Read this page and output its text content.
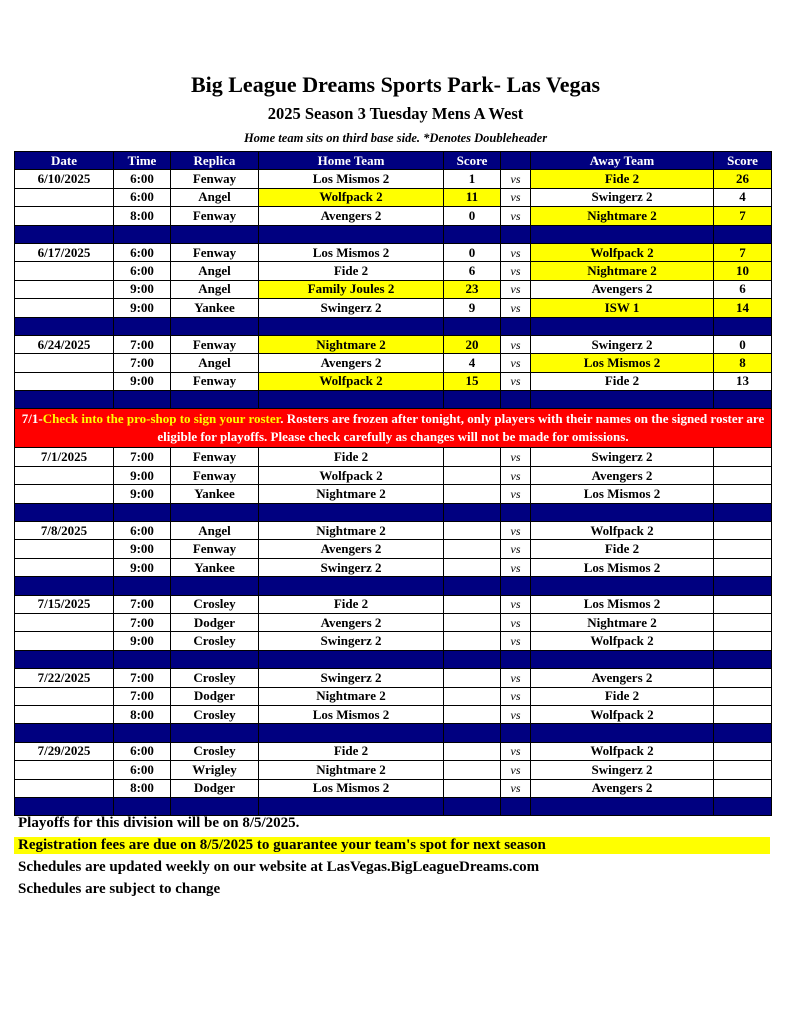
Big League Dreams Sports Park- Las Vegas
2025 Season 3 Tuesday Mens A West
Home team sits on third base side. *Denotes Doubleheader
Date	Time	Replica	Home Team	Score		Away Team	Score
6/10/2025	6:00	Fenway	Los Mismos 2	1	vs	Fide 2	26
	6:00	Angel	Wolfpack 2	11	vs	Swingerz 2	4
	8:00	Fenway	Avengers 2	0	vs	Nightmare 2	7

6/17/2025	6:00	Fenway	Los Mismos 2	0	vs	Wolfpack 2	7
	6:00	Angel	Fide 2	6	vs	Nightmare 2	10
	9:00	Angel	Family Joules 2	23	vs	Avengers 2	6
	9:00	Yankee	Swingerz 2	9	vs	ISW 1	14

6/24/2025	7:00	Fenway	Nightmare 2	20	vs	Swingerz 2	0
	7:00	Angel	Avengers 2	4	vs	Los Mismos 2	8
	9:00	Fenway	Wolfpack 2	15	vs	Fide 2	13

7/1-Check into the pro-shop to sign your roster. Rosters are frozen after tonight, only players with their names on the signed roster are eligible for playoffs. Please check carefully as changes will not be made for omissions.							
7/1/2025	7:00	Fenway	Fide 2		vs	Swingerz 2	
	9:00	Fenway	Wolfpack 2		vs	Avengers 2	
	9:00	Yankee	Nightmare 2		vs	Los Mismos 2	

7/8/2025	6:00	Angel	Nightmare 2		vs	Wolfpack 2	
	9:00	Fenway	Avengers 2		vs	Fide 2	
	9:00	Yankee	Swingerz 2		vs	Los Mismos 2	

7/15/2025	7:00	Crosley	Fide 2		vs	Los Mismos 2	
	7:00	Dodger	Avengers 2		vs	Nightmare 2	
	9:00	Crosley	Swingerz 2		vs	Wolfpack 2	

7/22/2025	7:00	Crosley	Swingerz 2		vs	Avengers 2	
	7:00	Dodger	Nightmare 2		vs	Fide 2	
	8:00	Crosley	Los Mismos 2		vs	Wolfpack 2	

7/29/2025	6:00	Crosley	Fide 2		vs	Wolfpack 2	
	6:00	Wrigley	Nightmare 2		vs	Swingerz 2	
	8:00	Dodger	Los Mismos 2		vs	Avengers 2	

Playoffs for this division will be on 8/5/2025.
Registration fees are due on 8/5/2025 to guarantee your team's spot for next season
Schedules are updated weekly on our website at LasVegas.BigLeagueDreams.com
Schedules are subject to change
